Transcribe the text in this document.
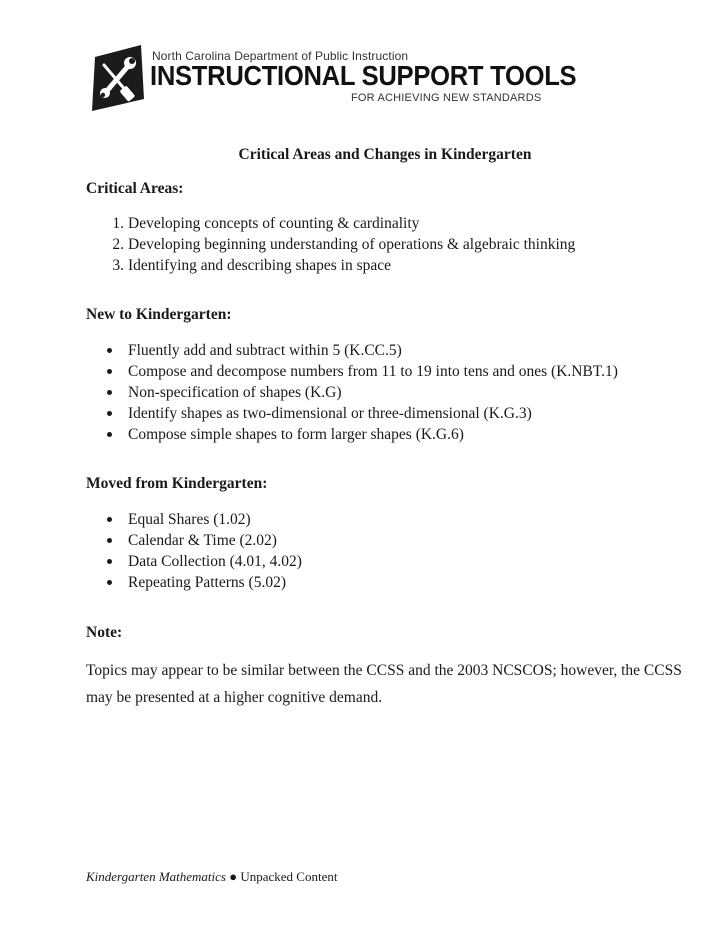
North Carolina Department of Public Instruction
INSTRUCTIONAL SUPPORT TOOLS
FOR ACHIEVING NEW STANDARDS
Critical Areas and Changes in Kindergarten
Critical Areas:
1. Developing concepts of counting & cardinality
2. Developing beginning understanding of operations & algebraic thinking
3. Identifying and describing shapes in space
New to Kindergarten:
Fluently add and subtract within 5 (K.CC.5)
Compose and decompose numbers from 11 to 19 into tens and ones (K.NBT.1)
Non-specification of shapes (K.G)
Identify shapes as two-dimensional or three-dimensional (K.G.3)
Compose simple shapes to form larger shapes (K.G.6)
Moved from Kindergarten:
Equal Shares (1.02)
Calendar & Time (2.02)
Data Collection (4.01, 4.02)
Repeating Patterns (5.02)
Note:
Topics may appear to be similar between the CCSS and the 2003 NCSCOS; however, the CCSS may be presented at a higher cognitive demand.
Kindergarten Mathematics ● Unpacked Content
